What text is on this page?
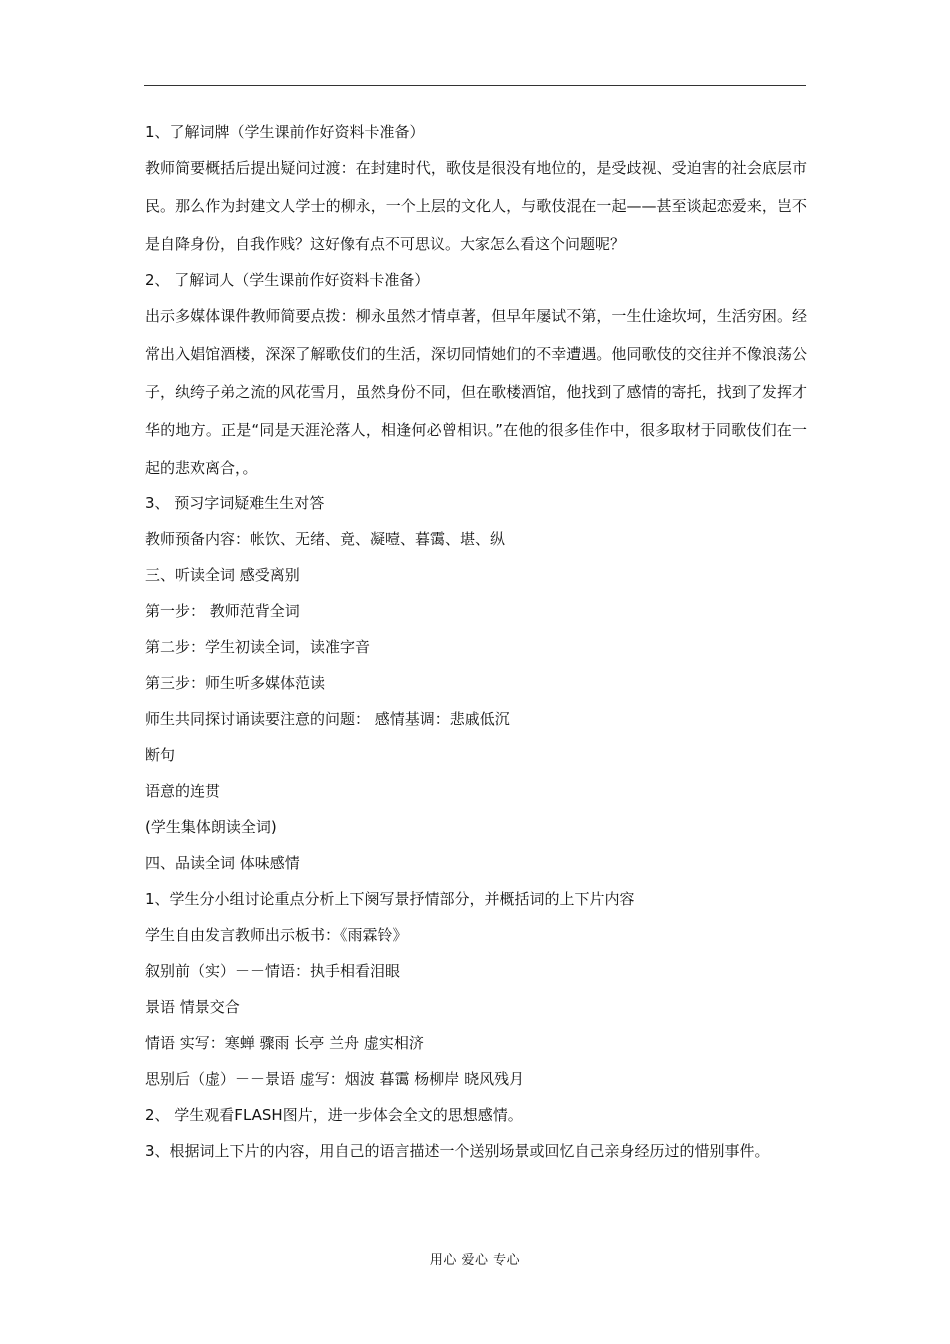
1、了解词牌（学生课前作好资料卡准备）

教师简要概括后提出疑问过渡：在封建时代，歌伎是很没有地位的，是受歧视、受迫害的社会底层市民。那么作为封建文人学士的柳永，一个上层的文化人，与歌伎混在一起——甚至谈起恋爱来，岂不是自降身份，自我作贱？这好像有点不可思议。大家怎么看这个问题呢？

2、 了解词人（学生课前作好资料卡准备）

出示多媒体课件教师简要点拨：柳永虽然才情卓著，但早年屡试不第，一生仕途坎坷，生活穷困。经常出入娼馆酒楼，深深了解歌伎们的生活，深切同情她们的不幸遭遇。他同歌伎的交往并不像浪荡公子，纨绔子弟之流的风花雪月，虽然身份不同，但在歌楼酒馆，他找到了感情的寄托，找到了发挥才华的地方。正是“同是天涯沦落人，相逢何必曾相识。”在他的很多佳作中，很多取材于同歌伎们在一起的悲欢离合，。

3、 预习字词疑难生生对答

教师预备内容：帐饮、无绪、竟、凝噎、暮霭、堪、纵

三、听读全词 感受离别

第一步： 教师范背全词

第二步：学生初读全词，读准字音

第三步：师生听多媒体范读

师生共同探讨诵读要注意的问题： 感情基调：悲戚低沉

断句

语意的连贯

(学生集体朗读全词)

四、品读全词 体味感情

1、学生分小组讨论重点分析上下阕写景抒情部分，并概括词的上下片内容

学生自由发言教师出示板书：《雨霖铃》

叙别前（实）－－情语：执手相看泪眼

景语 情景交合

情语 实写：寒蝉 骤雨 长亭 兰舟 虚实相济

思别后（虚）－－景语 虚写：烟波 暮霭 杨柳岸 晓风残月

2、 学生观看FLASH图片，进一步体会全文的思想感情。

3、根据词上下片的内容，用自己的语言描述一个送别场景或回忆自己亲身经历过的惜别事件。

用心 爱心 专心
